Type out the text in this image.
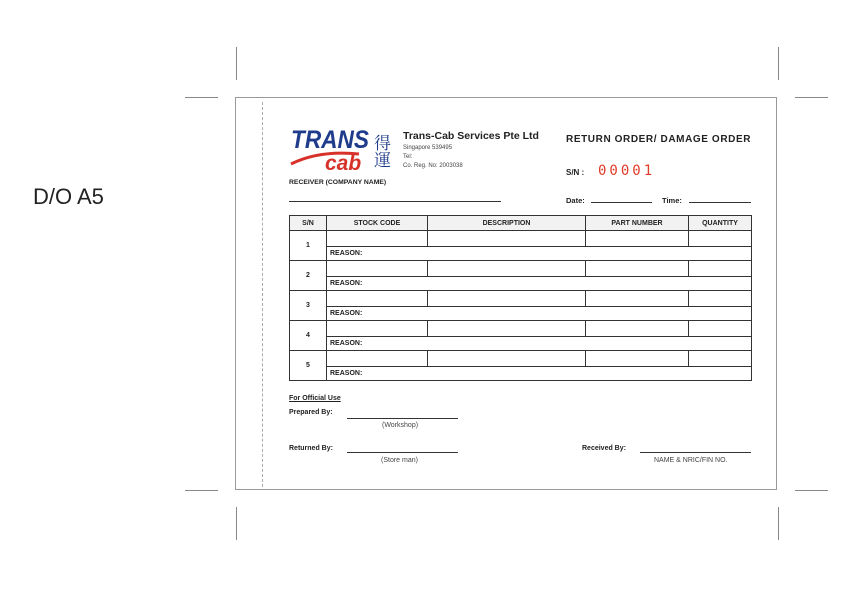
D/O A5
TRANS
cab 得運 Trans-Cab Services Pte Ltd
Singapore 539495
Tel:
Co. Reg. No: 2003038
RECEIVER (COMPANY NAME)
RETURN ORDER/ DAMAGE ORDER
S/N : 00001
Date:	Time:
S/N	STOCK CODE	DESCRIPTION	PART NUMBER	QUANTITY
1				
	REASON:			
2				
	REASON:			
3				
	REASON:			
4				
	REASON:			
5				
	REASON:			
For Official Use
Prepared By:
(Workshop)
Returned By:
(Store man)
Received By:
NAME & NRIC/FIN NO.
